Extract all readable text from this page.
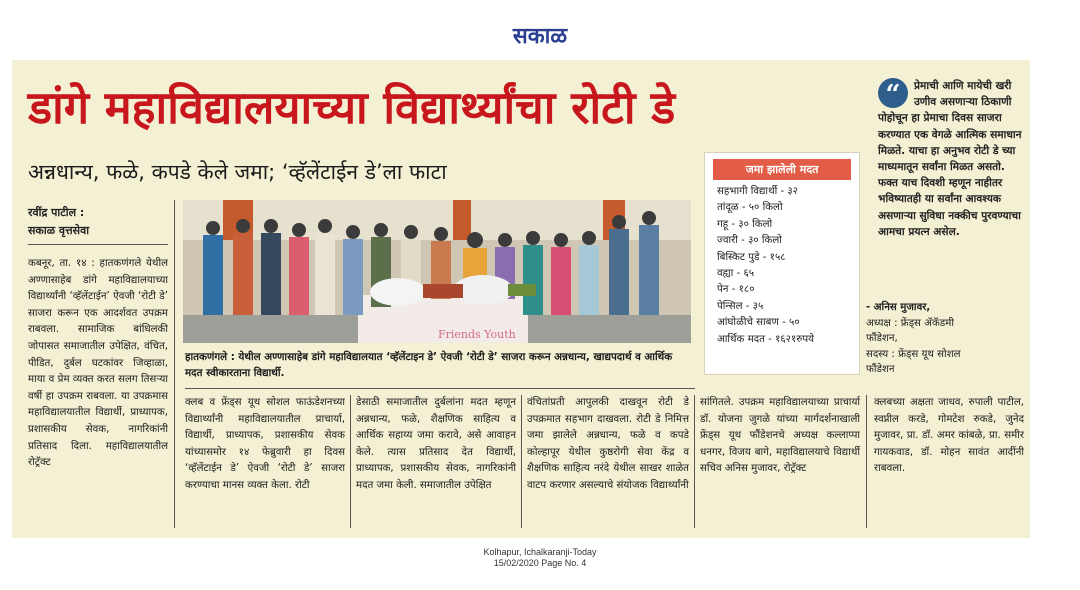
सकाळ
डांगे महाविद्यालयाच्या विद्यार्थ्यांचा रोटी डे
अन्नधान्य, फळे, कपडे केले जमा; ‘व्हॅलेंटाईन डे’ला फाटा
रवींद्र पाटील :
सकाळ वृत्तसेवा

कबनूर, ता. १४ : हातकणंगले येथील अण्णासाहेब डांगे महाविद्यालयाच्या विद्यार्थ्यांनी ‘व्हॅलेंटाईन’ ऐवजी ‘रोटी डे’ साजरा करून एक आदर्शवत उपक्रम राबवला. सामाजिक बांधिलकी जोपासत समाजातील उपेक्षित, वंचित, पीडित, दुर्बल घटकांवर जिव्हाळा, माया व प्रेम व्यक्त करत सलग तिसऱ्या वर्षी हा उपक्रम राबवला. या उपक्रमास महाविद्यालयातील विद्यार्थी, प्राध्यापक, प्रशासकीय सेवक, नागरिकांनी प्रतिसाद दिला. महाविद्यालयातील रोट्रॅक्ट

Friends Youth

हातकणंगले : येथील अण्णासाहेब डांगे महाविद्यालयात ‘व्हॅलेंटाइन डे’ ऐवजी ‘रोटी डे’ साजरा करून अन्नधान्य, खाद्यपदार्थ व आर्थिक मदत स्वीकारताना विद्यार्थी.

क्लब व फ्रेंड्स यूथ सोशल फाऊंडेशनच्या विद्यार्थ्यांनी महाविद्यालयातील प्राचार्या, विद्यार्थी, प्राध्यापक, प्रशासकीय सेवक यांच्यासमोर १४ फेब्रुवारी हा दिवस ‘व्हॅलेंटाईन डे’ ऐवजी ‘रोटी डे’ साजरा करण्याचा मानस व्यक्त केला. रोटी

डेसाठी समाजातील दुर्बलांना मदत म्हणून अन्नधान्य, फळे, शैक्षणिक साहित्य व आर्थिक सहाय्य जमा करावे, असे आवाहन केले. त्यास प्रतिसाद देत विद्यार्थी, प्राध्यापक, प्रशासकीय सेवक, नागरिकांनी मदत जमा केली. समाजातील उपेक्षित

वंचितांप्रती आपुलकी दाखवून रोटी डे उपक्रमात सहभाग दाखवला. रोटी डे निमित्त जमा झालेले अन्नधान्य, फळे व कपडे कोल्हापूर येथील कुष्ठरोगी सेवा केंद्र व शैक्षणिक साहित्य नरंदे येथील साखर शाळेत वाटप करणार असल्याचे संयोजक विद्यार्थ्यांनी

सांगितले. उपक्रम महाविद्यालयाच्या प्राचार्या डॉ. योजना जुगळे यांच्या मार्गदर्शनाखाली फ्रेंड्स यूथ फौंडेशनचे अध्यक्ष कल्लाप्पा धनगर, विजय बागे, महाविद्यालयाचे विद्यार्थी सचिव अनिस मुजावर, रोट्रॅक्ट

क्लबच्या अक्षता जाधव, रुपाली पाटील, स्वप्नील करडे, गोमटेश रुकडे, जुनेद मुजावर, प्रा. डॉ. अमर कांबळे, प्रा. समीर गायकवाड, डॉ. मोहन सावंत आदींनी राबवला.

जमा झालेली मदत
सहभागी विद्यार्थी - ३२
तांदूळ - ५० किलो
गहू - ३० किलो
ज्वारी - ३० किलो
बिस्किट पुडे - १५८
वह्या - ६५
पेन - १८०
पेन्सिल - ३५
आंघोळीचे साबण - ५०
आर्थिक मदत - १६२१रुपये

प्रेमाची आणि मायेची खरी उणीव असणाऱ्या ठिकाणी
पोहोचून हा प्रेमाचा दिवस साजरा करण्यात एक वेगळे आत्मिक समाधान मिळते. याचा हा अनुभव रोटी डे च्या माध्यमातून सर्वांना मिळत असतो. फक्त याच दिवशी म्हणून नाहीतर भविष्यातही या सर्वांना आवश्यक असणाऱ्या सुविधा नक्कीच पुरवण्याचा आमचा प्रयत्न असेल.

“
- अनिस मुजावर,
अध्यक्ष : फ्रेंड्स ॲकॅडमी
फौंडेशन,
सदस्य : फ्रेंड्स यूथ सोशल
फौंडेशन
Kolhapur, Ichalkaranji-Today
15/02/2020 Page No. 4
